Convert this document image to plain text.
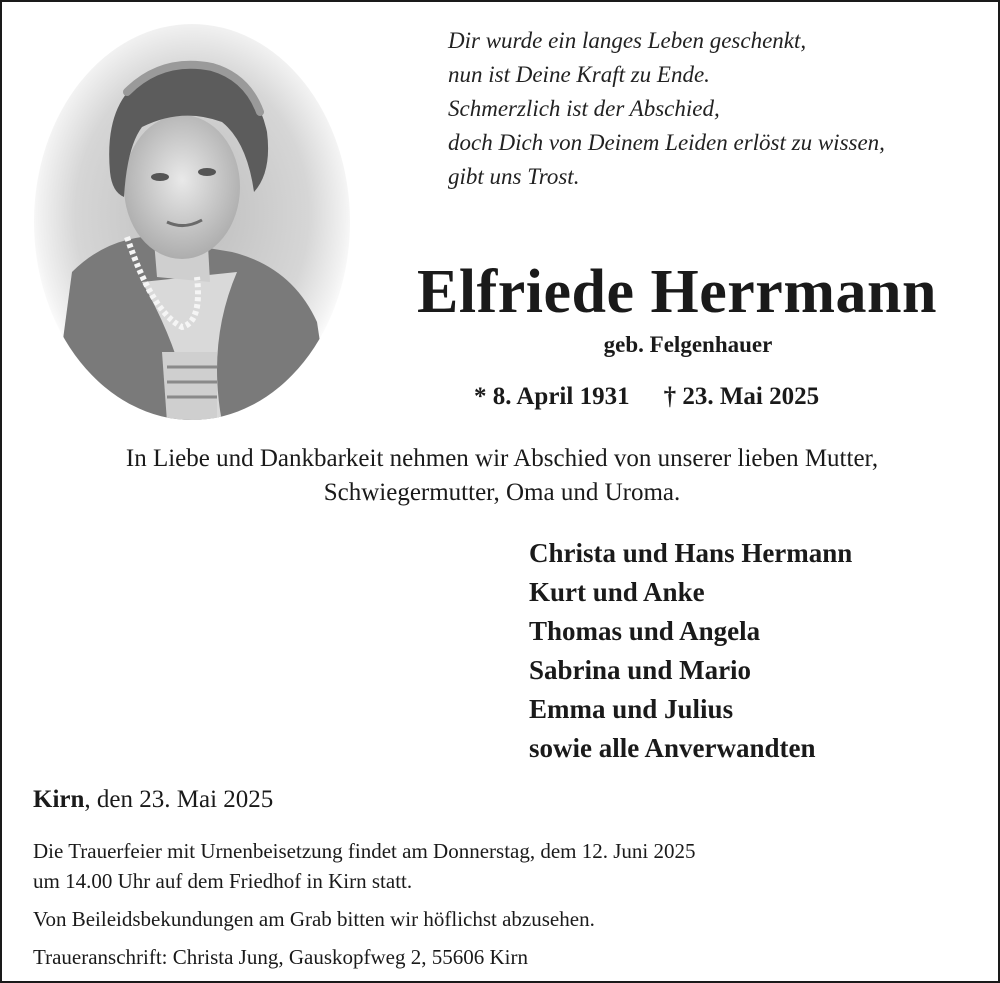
Dir wurde ein langes Leben geschenkt,
nun ist Deine Kraft zu Ende.
Schmerzlich ist der Abschied,
doch Dich von Deinem Leiden erlöst zu wissen,
gibt uns Trost.
Elfriede Herrmann
geb. Felgenhauer
* 8. April 1931 † 23. Mai 2025
In Liebe und Dankbarkeit nehmen wir Abschied von unserer lieben Mutter,
Schwiegermutter, Oma und Uroma.
Christa und Hans Hermann
Kurt und Anke
Thomas und Angela
Sabrina und Mario
Emma und Julius
sowie alle Anverwandten
Kirn, den 23. Mai 2025
Die Trauerfeier mit Urnenbeisetzung findet am Donnerstag, dem 12. Juni 2025
um 14.00 Uhr auf dem Friedhof in Kirn statt.
Von Beileidsbekundungen am Grab bitten wir höflichst abzusehen.
Traueranschrift: Christa Jung, Gauskopfweg 2, 55606 Kirn
